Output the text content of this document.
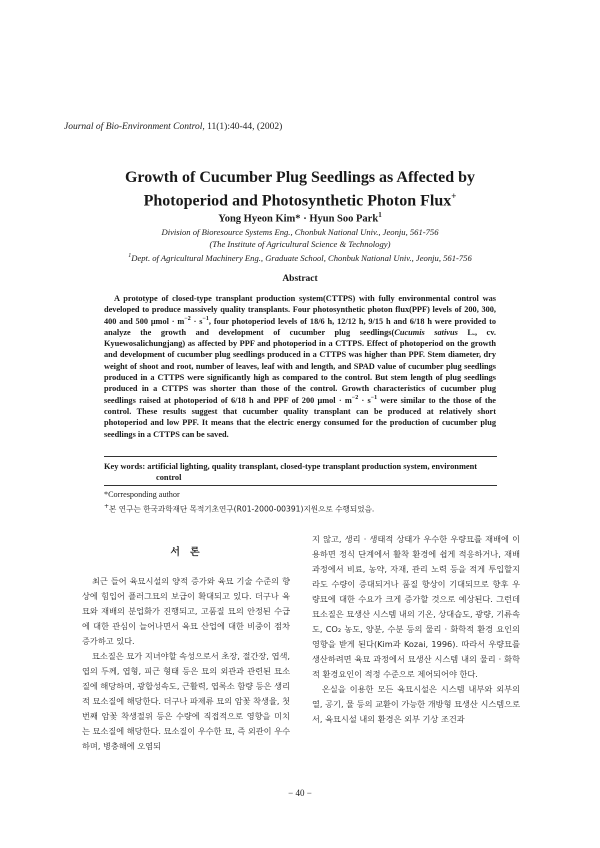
Journal of Bio-Environment Control, 11(1):40-44, (2002)
Growth of Cucumber Plug Seedlings as Affected by
Photoperiod and Photosynthetic Photon Flux+
Yong Hyeon Kim* · Hyun Soo Park$^1$
Division of Bioresource Systems Eng., Chonbuk National Univ., Jeonju, 561-756
(The Institute of Agricultural Science & Technology)
$^1$Dept. of Agricultural Machinery Eng., Graduate School, Chonbuk National Univ., Jeonju, 561-756
Abstract

A prototype of closed-type transplant production system(CTTPS) with fully environmental control was developed to produce massively quality transplants. Four photosynthetic photon flux(PPF) levels of 200, 300, 400 and 500 $\mu mol \cdot m^{-2} \cdot s^{-1}$, four photoperiod levels of 18/6 h, 12/12 h, 9/15 h and 6/18 h were provided to analyze the growth and development of cucumber plug seedlings(Cucumis sativus L., cv. Kyuewosalichungjang) as affected by PPF and photoperiod in a CTTPS. Effect of photoperiod on the growth and development of cucumber plug seedlings produced in a CTTPS was higher than PPF. Stem diameter, dry weight of shoot and root, number of leaves, leaf with and length, and SPAD value of cucumber plug seedlings produced in a CTTPS were significantly high as compared to the control. But stem length of plug seedlings produced in a CTTPS was shorter than those of the control. Growth characteristics of cucumber plug seedlings raised at photoperiod of 6/18 h and PPF of 200 $\mu mol \cdot m^{-2} \cdot s^{-1}$ were similar to the those of the control. These results suggest that cucumber quality transplant can be produced at relatively short photoperiod and low PPF. It means that the electric energy consumed for the production of cucumber plug seedlings in a CTTPS can be saved.

Key words: artificial lighting, quality transplant, closed-type transplant production system, environment control
*Corresponding author
+본 연구는 한국과학재단 목적기초연구(R01-2000-00391)지원으로 수행되었음.

서론

최근 들어 육묘시설의 양적 증가와 육묘 기술 수준의 향상에 힘입어 플러그묘의 보급이 확대되고 있다. 더구나 육묘와 재배의 분업화가 진행되고, 고품질 묘의 안정된 수급에 대한 관심이 늘어나면서 육묘 산업에 대한 비중이 점차 증가하고 있다.

묘소질은 묘가 지녀야할 속성으로서 초장, 절간장, 엽색, 엽의 두께, 엽형, 피근 형태 등은 묘의 외관과 관련된 묘소질에 해당하며, 광합성속도, 근활력, 엽록소 함량 등은 생리적 묘소질에 해당한다. 더구나 파제류 묘의 암꽃 착생율, 첫 번째 암꽃 착생절위 등은 수량에 직접적으로 영향을 미치는 묘소질에 해당한다. 묘소질이 우수한 묘, 즉 외관이 우수하며, 병충해에 오염되

지 않고, 생리 · 생태적 상태가 우수한 우량묘를 재배에 이용하면 정식 단계에서 활착 환경에 쉽게 적응하거나, 재배 과정에서 비료, 농약, 자재, 관리 노력 등을 적게 투입할지라도 수량이 증대되거나 품질 향상이 기대되므로 향후 우량묘에 대한 수요가 크게 증가할 것으로 예상된다. 그런데 묘소질은 묘생산 시스템 내의 기온, 상대습도, 광량, 기류속도, CO₂ 농도, 양분, 수분 등의 물리 · 화학적 환경 요인의 영향을 받게 된다(Kim과 Kozai, 1996). 따라서 우량묘를 생산하려면 육묘 과정에서 묘생산 시스템 내의 물리 · 화학적 환경요인이 적정 수준으로 제어되어야 한다.

온실을 이용한 모든 육묘시설은 시스템 내부와 외부의 열, 공기, 물 등의 교환이 가능한 개방형 묘생산 시스템으로서, 육묘시설 내의 환경은 외부 기상 조건과

− 40 −
